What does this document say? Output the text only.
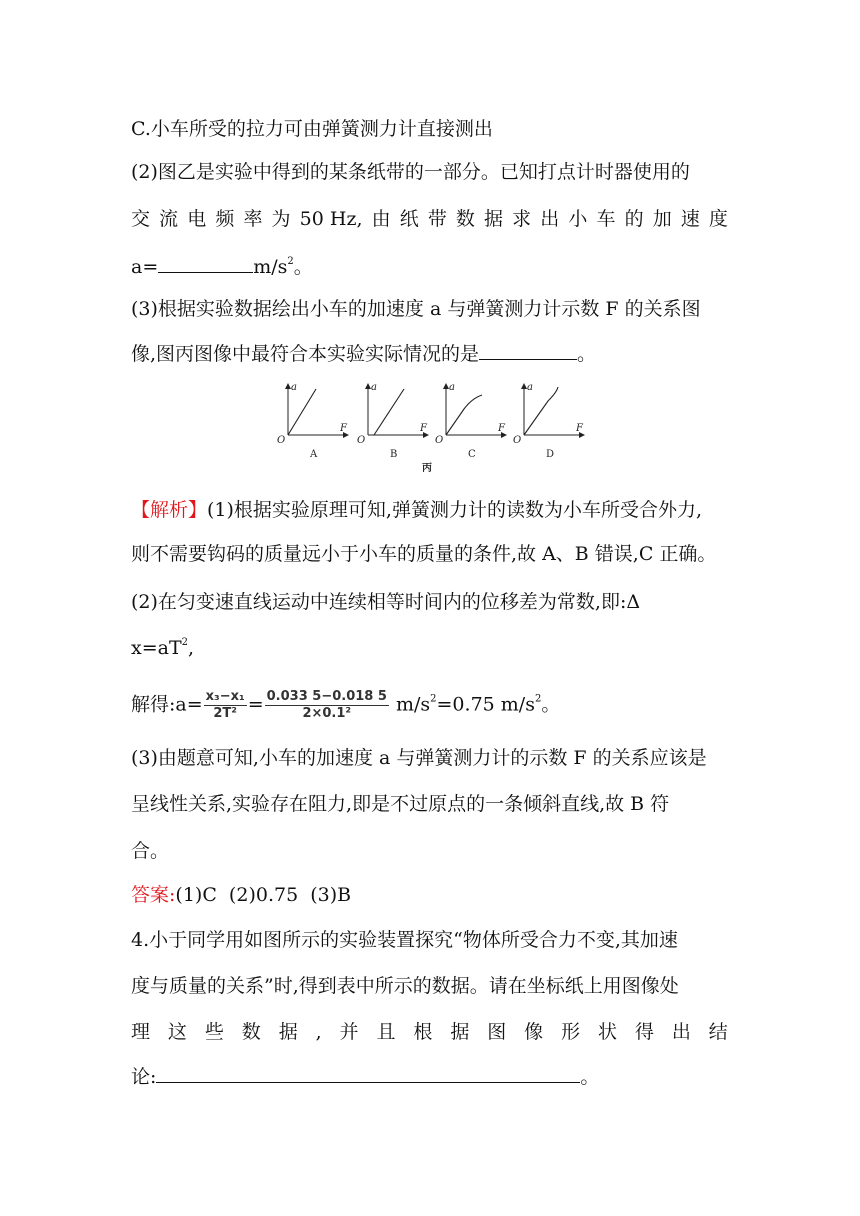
C.小车所受的拉力可由弹簧测力计直接测出
(2)图乙是实验中得到的某条纸带的一部分。已知打点计时器使用的
交 流 电 频 率 为 50 Hz, 由 纸 带 数 据 求 出 小 车 的 加 速 度
a=	$m/s^2$。
(3)根据实验数据绘出小车的加速度 a 与弹簧测力计示数 F 的关系图
像,图丙图像中最符合本实验实际情况的是	。
a
F
O
A
a
F
O
B
a
F
O
C
a
F
O
D
丙
【解析】(1)根据实验原理可知,弹簧测力计的读数为小车所受合外力,
则不需要钩码的质量远小于小车的质量的条件,故 A、B 错误,C 正确。
(2)在匀变速直线运动中连续相等时间内的位移差为常数,即:Δ
$x=aT^2$,
解得:a= $\frac{\text{x₃−x₁}}{\text{2T²}} = \frac{0.033 5-0.018 5}{\text{2×0.1²}} m/s^2=0.75$ $m/s^2$。
(3)由题意可知,小车的加速度 a 与弹簧测力计的示数 F 的关系应该是
呈线性关系,实验存在阻力,即是不过原点的一条倾斜直线,故 B 符
合。
答案:(1)C  (2)0.75  (3)B
4.小于同学用如图所示的实验装置探究“物体所受合力不变,其加速
度与质量的关系”时,得到表中所示的数据。请在坐标纸上用图像处
理 这 些 数 据 , 并 且 根 据 图 像 形 状 得 出 结
论:	。
